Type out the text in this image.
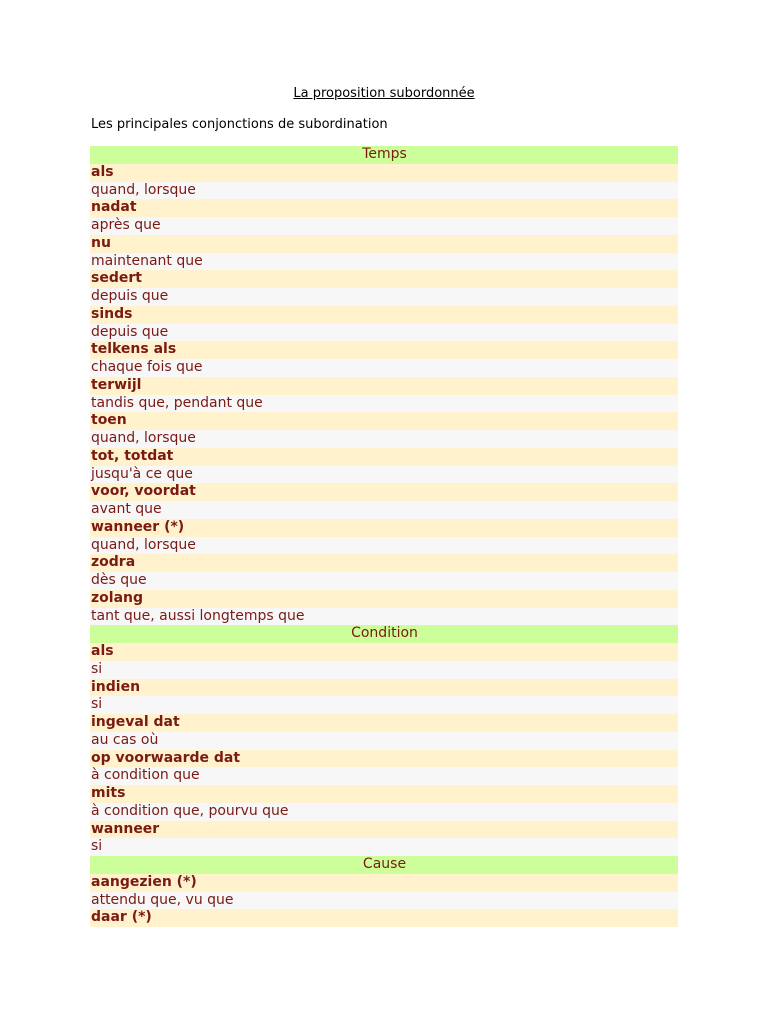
La proposition subordonnée
Les principales conjonctions de subordination
Temps
als
quand, lorsque
nadat
après que
nu
maintenant que
sedert
depuis que
sinds
depuis que
telkens als
chaque fois que
terwijl
tandis que, pendant que
toen
quand, lorsque
tot, totdat
jusqu'à ce que
voor, voordat
avant que
wanneer (*)
quand, lorsque
zodra
dès que
zolang
tant que, aussi longtemps que
Condition
als
si
indien
si
ingeval dat
au cas où
op voorwaarde dat
à condition que
mits
à condition que, pourvu que
wanneer
si
Cause
aangezien (*)
attendu que, vu que
daar (*)
